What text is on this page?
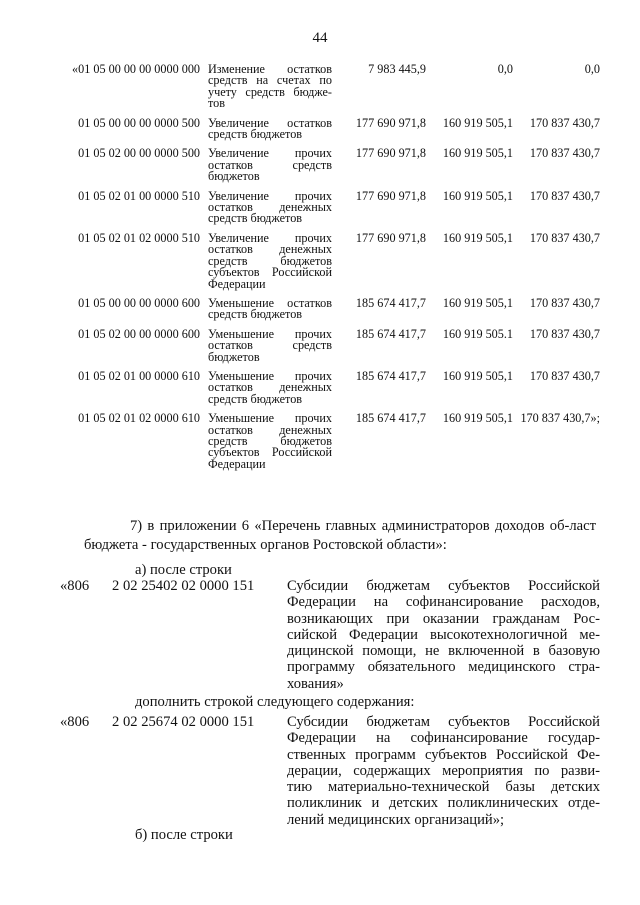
44
«01 05 00 00 00 0000 000	Изменение остатков
средств на счетах по
учету средств бюдже-
тов	7 983 445,9	0,0	0,0
01 05 00 00 00 0000 500	Увеличение остатков
средств бюджетов	177 690 971,8	160 919 505,1	170 837 430,7
01 05 02 00 00 0000 500	Увеличение прочих
остатков средств
бюджетов	177 690 971,8	160 919 505,1	170 837 430,7
01 05 02 01 00 0000 510	Увеличение прочих
остатков денежных
средств бюджетов	177 690 971,8	160 919 505,1	170 837 430,7
01 05 02 01 02 0000 510	Увеличение прочих
остатков денежных
средств бюджетов
субъектов Российской
Федерации	177 690 971,8	160 919 505,1	170 837 430,7
01 05 00 00 00 0000 600	Уменьшение остатков
средств бюджетов	185 674 417,7	160 919 505,1	170 837 430,7
01 05 02 00 00 0000 600	Уменьшение прочих
остатков средств
бюджетов	185 674 417,7	160 919 505.1	170 837 430,7
01 05 02 01 00 0000 610	Уменьшение прочих
остатков денежных
средств бюджетов	185 674 417,7	160 919 505,1	170 837 430,7
01 05 02 01 02 0000 610	Уменьшение прочих
остатков денежных
средств бюджетов
субъектов Российской
Федерации	185 674 417,7	160 919 505,1	170 837 430,7»;
7) в приложении 6 «Перечень главных администраторов доходов об-ласт бюджета - государственных органов Ростовской области»:
а) после строки
«806 2 02 25402 02 0000 151 Субсидии бюджетам субъектов Российской
Федерации на софинансирование расходов,
возникающих при оказании гражданам Рос-
сийской Федерации высокотехнологичной ме-
дицинской помощи, не включенной в базовую
программу обязательного медицинского стра-
хования»
дополнить строкой следующего содержания:
«806 2 02 25674 02 0000 151 Субсидии бюджетам субъектов Российской
Федерации на софинансирование государ-
ственных программ субъектов Российской Фе-
дерации, содержащих мероприятия по разви-
тию материально-технической базы детских
поликлиник и детских поликлинических отде-
лений медицинских организаций»;
б) после строки
